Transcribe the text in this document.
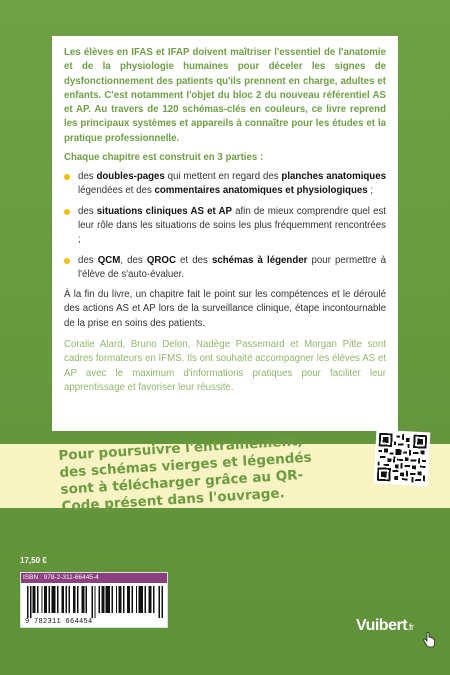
Les élèves en IFAS et IFAP doivent maîtriser l'essentiel de l'anatomie et de la physiologie humaines pour déceler les signes de dysfonctionnement des patients qu'ils prennent en charge, adultes et enfants. C'est notamment l'objet du bloc 2 du nouveau référentiel AS et AP. Au travers de 120 schémas-clés en couleurs, ce livre reprend les principaux systèmes et appareils à connaître pour les études et la pratique professionnelle.

Chaque chapitre est construit en 3 parties :

des doubles-pages qui mettent en regard des planches anatomiques légendées et des commentaires anatomiques et physiologiques ;
des situations cliniques AS et AP afin de mieux comprendre quel est leur rôle dans les situations de soins les plus fréquemment rencontrées ;
des QCM, des QROC et des schémas à légender pour permettre à l'élève de s'auto-évaluer.

À la fin du livre, un chapitre fait le point sur les compétences et le déroulé des actions AS et AP lors de la surveillance clinique, étape incontournable de la prise en soins des patients.

Coralie Alard, Bruno Delon, Nadège Passemard et Morgan Pitte sont cadres formateurs en IFMS. Ils ont souhaité accompagner les élèves AS et AP avec le maximum d'informations pratiques pour faciliter leur apprentissage et favoriser leur réussite.

Pour poursuivre l'entraînement, des schémas vierges et légendés sont à télécharger grâce au QR-Code présent dans l'ouvrage.
17,50 €
ISBN : 978-2-311-66445-4
9 782311 664454	Vuibert.fr
